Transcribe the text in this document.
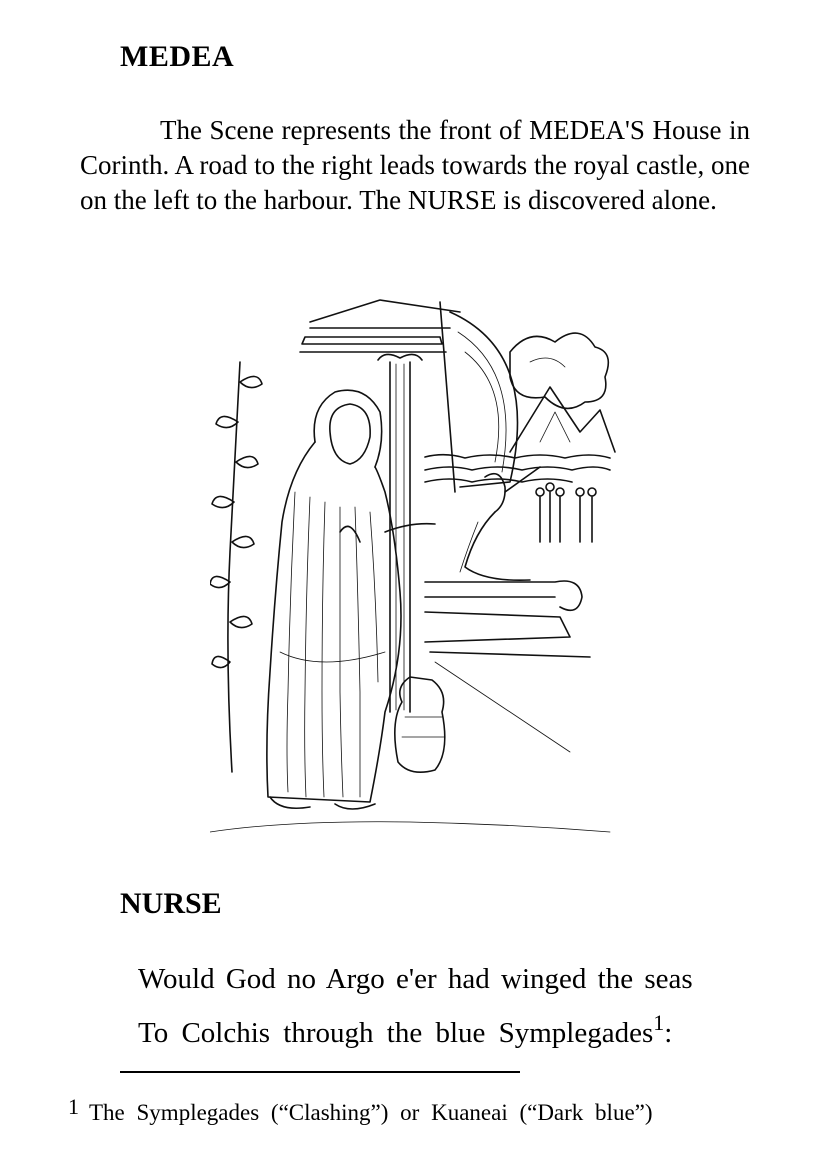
MEDEA

The Scene represents the front of MEDEA'S House in Corinth. A road to the right leads towards the royal castle, one on the left to the harbour. The NURSE is discovered alone.

NURSE
Would God no Argo e'er had winged the seas
To Colchis through the blue Symplegades$^1$:
1 The Symplegades (“Clashing”) or Kuaneai (“Dark blue”)
